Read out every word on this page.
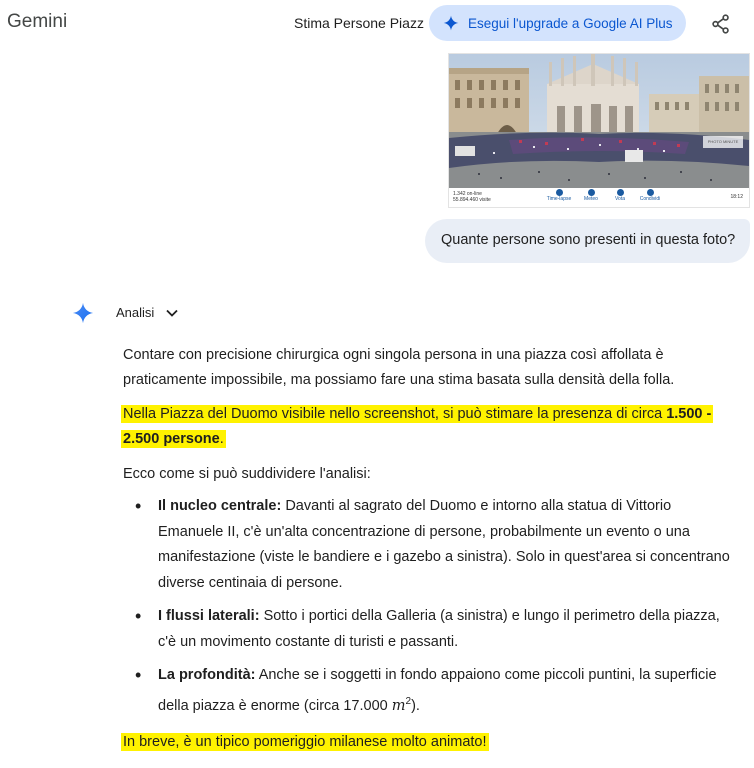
Gemini	Stima Persone Piazz	Esegui l'upgrade a Google AI Plus
PHOTO MINUTE
1.342 on-line
55.894.460 visite	Time-lapse	Meteo	Vota	Condividi	18:12
Quante persone sono presenti in questa foto?
Analisi
Contare con precisione chirurgica ogni singola persona in una piazza così affollata è praticamente impossibile, ma possiamo fare una stima basata sulla densità della folla.
Nella Piazza del Duomo visibile nello screenshot, si può stimare la presenza di circa 1.500 - 2.500 persone.
Ecco come si può suddividere l'analisi:
• Il nucleo centrale: Davanti al sagrato del Duomo e intorno alla statua di Vittorio Emanuele II, c'è un'alta concentrazione di persone, probabilmente un evento o una manifestazione (viste le bandiere e i gazebo a sinistra). Solo in quest'area si concentrano diverse centinaia di persone.
• I flussi laterali: Sotto i portici della Galleria (a sinistra) e lungo il perimetro della piazza, c'è un movimento costante di turisti e passanti.
• La profondità: Anche se i soggetti in fondo appaiono come piccoli puntini, la superficie della piazza è enorme (circa 17.000 $m^2$).
In breve, è un tipico pomeriggio milanese molto animato!
